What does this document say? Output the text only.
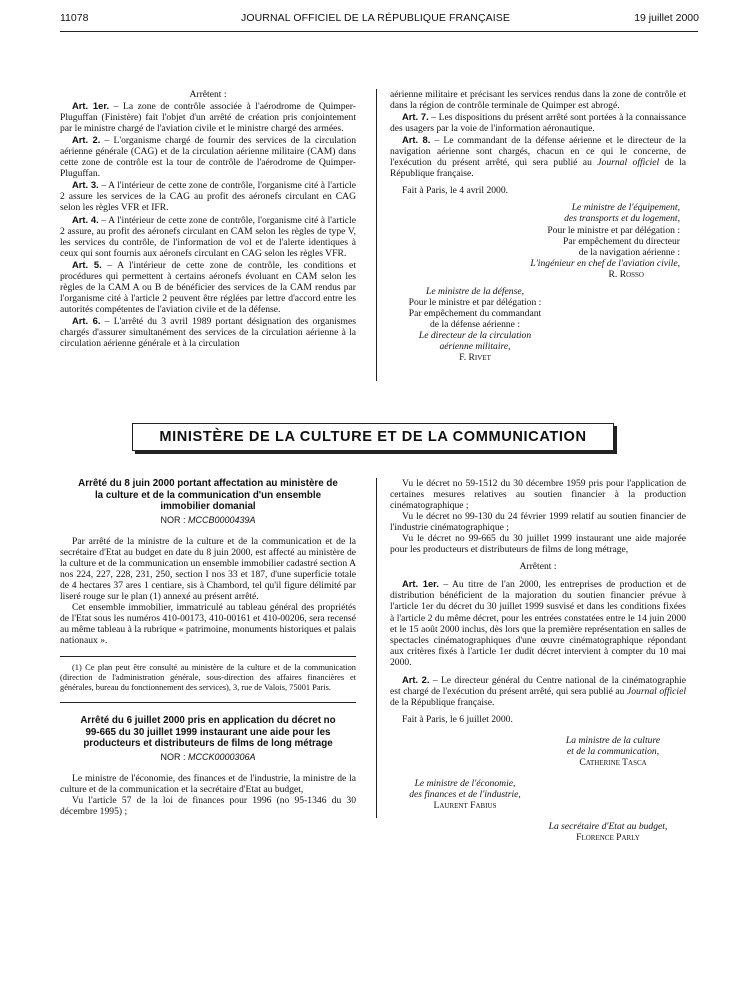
11078	JOURNAL OFFICIEL DE LA RÉPUBLIQUE FRANÇAISE	19 juillet 2000

Arrêtent :

Art. 1er. – La zone de contrôle associée à l'aérodrome de Quimper-Pluguffan (Finistère) fait l'objet d'un arrêté de création pris conjointement par le ministre chargé de l'aviation civile et le ministre chargé des armées.

Art. 2. – L'organisme chargé de fournir des services de la circulation aérienne générale (CAG) et de la circulation aérienne militaire (CAM) dans cette zone de contrôle est la tour de contrôle de l'aérodrome de Quimper-Pluguffan.

Art. 3. – A l'intérieur de cette zone de contrôle, l'organisme cité à l'article 2 assure les services de la CAG au profit des aéronefs circulant en CAG selon les règles VFR et IFR.

Art. 4. – A l'intérieur de cette zone de contrôle, l'organisme cité à l'article 2 assure, au profit des aéronefs circulant en CAM selon les règles de type V, les services du contrôle, de l'information de vol et de l'alerte identiques à ceux qui sont fournis aux aéronefs circulant en CAG selon les règles VFR.

Art. 5. – A l'intérieur de cette zone de contrôle, les conditions et procédures qui permettent à certains aéronefs évoluant en CAM selon les règles de la CAM A ou B de bénéficier des services de la CAM rendus par l'organisme cité à l'article 2 peuvent être réglées par lettre d'accord entre les autorités compétentes de l'aviation civile et de la défense.

Art. 6. – L'arrêté du 3 avril 1989 portant désignation des organismes chargés d'assurer simultanément des services de la circulation aérienne à la circulation aérienne générale et à la circulation

aérienne militaire et précisant les services rendus dans la zone de contrôle et dans la région de contrôle terminale de Quimper est abrogé.

Art. 7. – Les dispositions du présent arrêté sont portées à la connaissance des usagers par la voie de l'information aéronautique.

Art. 8. – Le commandant de la défense aérienne et le directeur de la navigation aérienne sont chargés, chacun en ce qui le concerne, de l'exécution du présent arrêté, qui sera publié au Journal officiel de la République française.

Fait à Paris, le 4 avril 2000.

Le ministre de l'équipement,
des transports et du logement,
Pour le ministre et par délégation :
Par empêchement du directeur
de la navigation aérienne :
L'ingénieur en chef de l'aviation civile,
R. Rosso
Le ministre de la défense,
Pour le ministre et par délégation :
Par empêchement du commandant
de la défense aérienne :
Le directeur de la circulation
aérienne militaire,
F. Rivet
MINISTÈRE DE LA CULTURE ET DE LA COMMUNICATION
Arrêté du 8 juin 2000 portant affectation au ministère de la culture et de la communication d'un ensemble immobilier domanial
NOR : MCCB0000439A

Par arrêté de la ministre de la culture et de la communication et de la secrétaire d'Etat au budget en date du 8 juin 2000, est affecté au ministère de la culture et de la communication un ensemble immobilier cadastré section A nos 224, 227, 228, 231, 250, section I nos 33 et 187, d'une superficie totale de 4 hectares 37 ares 1 centiare, sis à Chambord, tel qu'il figure délimité par liseré rouge sur le plan (1) annexé au présent arrêté.

Cet ensemble immobilier, immatriculé au tableau général des propriétés de l'Etat sous les numéros 410-00173, 410-00161 et 410-00206, sera recensé au même tableau à la rubrique « patrimoine, monuments historiques et palais nationaux ».

(1) Ce plan peut être consulté au ministère de la culture et de la communication (direction de l'administration générale, sous-direction des affaires financières et générales, bureau du fonctionnement des services), 3, rue de Valois, 75001 Paris.

Arrêté du 6 juillet 2000 pris en application du décret no 99-665 du 30 juillet 1999 instaurant une aide pour les producteurs et distributeurs de films de long métrage
NOR : MCCK0000306A

Le ministre de l'économie, des finances et de l'industrie, la ministre de la culture et de la communication et la secrétaire d'Etat au budget,

Vu l'article 57 de la loi de finances pour 1996 (no 95-1346 du 30 décembre 1995) ;

Vu le décret no 59-1512 du 30 décembre 1959 pris pour l'application de certaines mesures relatives au soutien financier à la production cinématographique ;

Vu le décret no 99-130 du 24 février 1999 relatif au soutien financier de l'industrie cinématographique ;

Vu le décret no 99-665 du 30 juillet 1999 instaurant une aide majorée pour les producteurs et distributeurs de films de long métrage,

Arrêtent :

Art. 1er. – Au titre de l'an 2000, les entreprises de production et de distribution bénéficient de la majoration du soutien financier prévue à l'article 1er du décret du 30 juillet 1999 susvisé et dans les conditions fixées à l'article 2 du même décret, pour les entrées constatées entre le 14 juin 2000 et le 15 août 2000 inclus, dès lors que la première représentation en salles de spectacles cinématographiques d'une œuvre cinématographique répondant aux critères fixés à l'article 1er dudit décret intervient à compter du 10 mai 2000.

Art. 2. – Le directeur général du Centre national de la cinématographie est chargé de l'exécution du présent arrêté, qui sera publié au Journal officiel de la République française.

Fait à Paris, le 6 juillet 2000.

La ministre de la culture
et de la communication,
Catherine Tasca
Le ministre de l'économie,
des finances et de l'industrie,
Laurent Fabius
La secrétaire d'Etat au budget,
Florence Parly
